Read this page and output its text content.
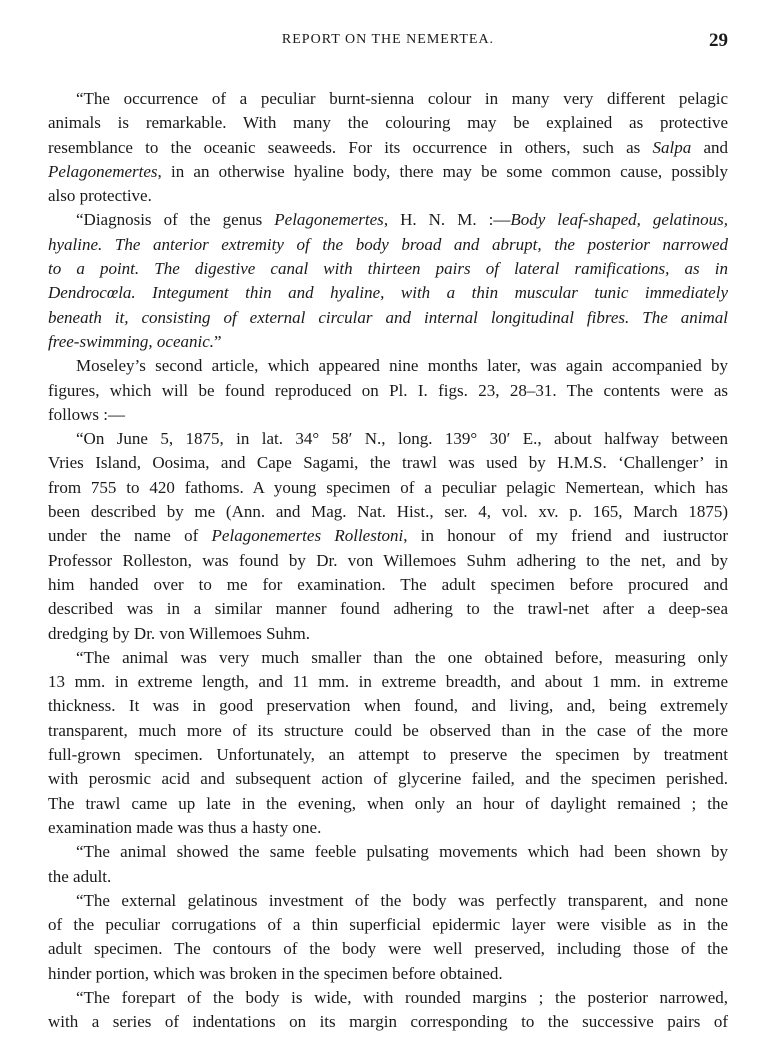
REPORT ON THE NEMERTEA.	29
“The occurrence of a peculiar burnt-sienna colour in many very different pelagic
animals is remarkable. With many the colouring may be explained as protective
resemblance to the oceanic seaweeds. For its occurrence in others, such as Salpa and
Pelagonemertes, in an otherwise hyaline body, there may be some common cause, possibly
also protective.
“Diagnosis of the genus Pelagonemertes, H. N. M. :—Body leaf-shaped, gelatinous,
hyaline. The anterior extremity of the body broad and abrupt, the posterior narrowed
to a point. The digestive canal with thirteen pairs of lateral ramifications, as in
Dendrocœla. Integument thin and hyaline, with a thin muscular tunic immediately
beneath it, consisting of external circular and internal longitudinal fibres. The animal
free-swimming, oceanic.”
Moseley’s second article, which appeared nine months later, was again accompanied by
figures, which will be found reproduced on Pl. I. figs. 23, 28–31. The contents were as
follows :—
“On June 5, 1875, in lat. 34° 58′ N., long. 139° 30′ E., about halfway between
Vries Island, Oosima, and Cape Sagami, the trawl was used by H.M.S. ‘Challenger’ in
from 755 to 420 fathoms. A young specimen of a peculiar pelagic Nemertean, which has
been described by me (Ann. and Mag. Nat. Hist., ser. 4, vol. xv. p. 165, March 1875)
under the name of Pelagonemertes Rollestoni, in honour of my friend and iustructor
Professor Rolleston, was found by Dr. von Willemoes Suhm adhering to the net, and by
him handed over to me for examination. The adult specimen before procured and
described was in a similar manner found adhering to the trawl-net after a deep-sea
dredging by Dr. von Willemoes Suhm.
“The animal was very much smaller than the one obtained before, measuring only
13 mm. in extreme length, and 11 mm. in extreme breadth, and about 1 mm. in extreme
thickness. It was in good preservation when found, and living, and, being extremely
transparent, much more of its structure could be observed than in the case of the more
full-grown specimen. Unfortunately, an attempt to preserve the specimen by treatment
with perosmic acid and subsequent action of glycerine failed, and the specimen perished.
The trawl came up late in the evening, when only an hour of daylight remained ; the
examination made was thus a hasty one.
“The animal showed the same feeble pulsating movements which had been shown by
the adult.
“The external gelatinous investment of the body was perfectly transparent, and none
of the peculiar corrugations of a thin superficial epidermic layer were visible as in the
adult specimen. The contours of the body were well preserved, including those of the
hinder portion, which was broken in the specimen before obtained.
“The forepart of the body is wide, with rounded margins ; the posterior narrowed,
with a series of indentations on its margin corresponding to the successive pairs of
